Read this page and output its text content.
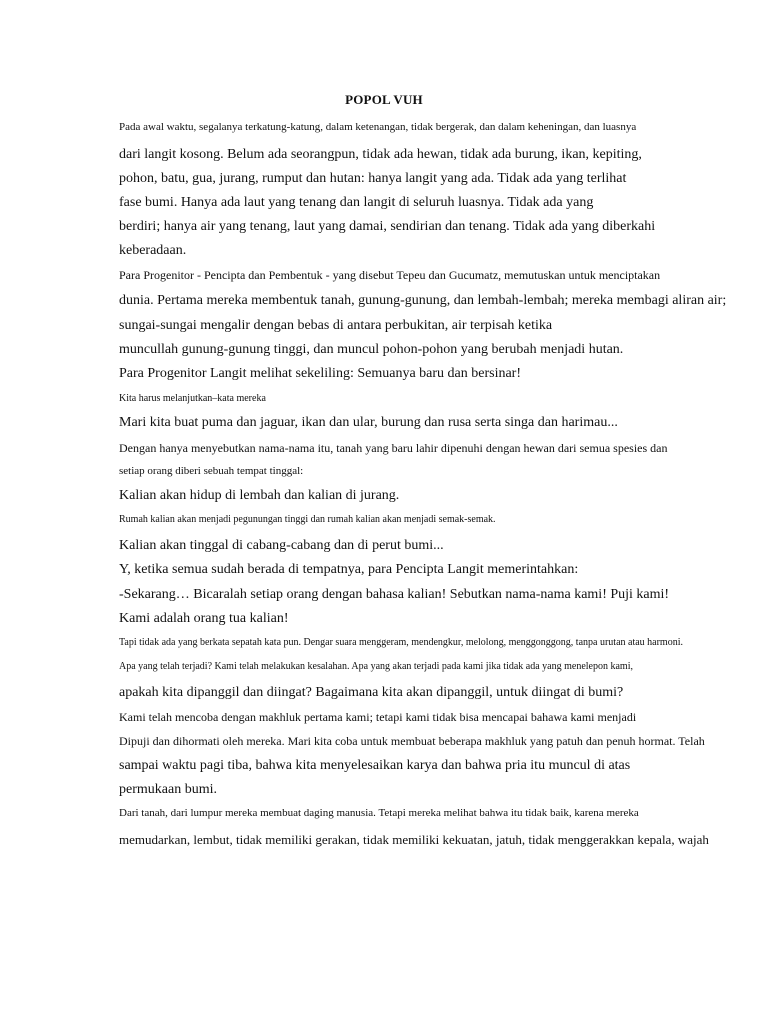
POPOL VUH
Pada awal waktu, segalanya terkatung-katung, dalam ketenangan, tidak bergerak, dan dalam keheningan, dan luasnya
dari langit kosong. Belum ada seorangpun, tidak ada hewan, tidak ada burung, ikan, kepiting,
pohon, batu, gua, jurang, rumput dan hutan: hanya langit yang ada. Tidak ada yang terlihat
fase bumi. Hanya ada laut yang tenang dan langit di seluruh luasnya. Tidak ada yang
berdiri; hanya air yang tenang, laut yang damai, sendirian dan tenang. Tidak ada yang diberkahi
keberadaan.
Para Progenitor - Pencipta dan Pembentuk - yang disebut Tepeu dan Gucumatz, memutuskan untuk menciptakan
dunia. Pertama mereka membentuk tanah, gunung-gunung, dan lembah-lembah; mereka membagi aliran air;
sungai-sungai mengalir dengan bebas di antara perbukitan, air terpisah ketika
muncullah gunung-gunung tinggi, dan muncul pohon-pohon yang berubah menjadi hutan.
Para Progenitor Langit melihat sekeliling: Semuanya baru dan bersinar!
Kita harus melanjutkan–kata mereka
Mari kita buat puma dan jaguar, ikan dan ular, burung dan rusa serta singa dan harimau...
Dengan hanya menyebutkan nama-nama itu, tanah yang baru lahir dipenuhi dengan hewan dari semua spesies dan
setiap orang diberi sebuah tempat tinggal:
Kalian akan hidup di lembah dan kalian di jurang.
Rumah kalian akan menjadi pegunungan tinggi dan rumah kalian akan menjadi semak-semak.
Kalian akan tinggal di cabang-cabang dan di perut bumi...
Y, ketika semua sudah berada di tempatnya, para Pencipta Langit memerintahkan:
-Sekarang… Bicaralah setiap orang dengan bahasa kalian! Sebutkan nama-nama kami! Puji kami!
Kami adalah orang tua kalian!
Tapi tidak ada yang berkata sepatah kata pun. Dengar suara menggeram, mendengkur, melolong, menggonggong, tanpa urutan atau harmoni.
Apa yang telah terjadi? Kami telah melakukan kesalahan. Apa yang akan terjadi pada kami jika tidak ada yang menelepon kami,
apakah kita dipanggil dan diingat? Bagaimana kita akan dipanggil, untuk diingat di bumi?
Kami telah mencoba dengan makhluk pertama kami; tetapi kami tidak bisa mencapai bahawa kami menjadi
Dipuji dan dihormati oleh mereka. Mari kita coba untuk membuat beberapa makhluk yang patuh dan penuh hormat. Telah
sampai waktu pagi tiba, bahwa kita menyelesaikan karya dan bahwa pria itu muncul di atas
permukaan bumi.
Dari tanah, dari lumpur mereka membuat daging manusia. Tetapi mereka melihat bahwa itu tidak baik, karena mereka
memudarkan, lembut, tidak memiliki gerakan, tidak memiliki kekuatan, jatuh, tidak menggerakkan kepala, wajah
